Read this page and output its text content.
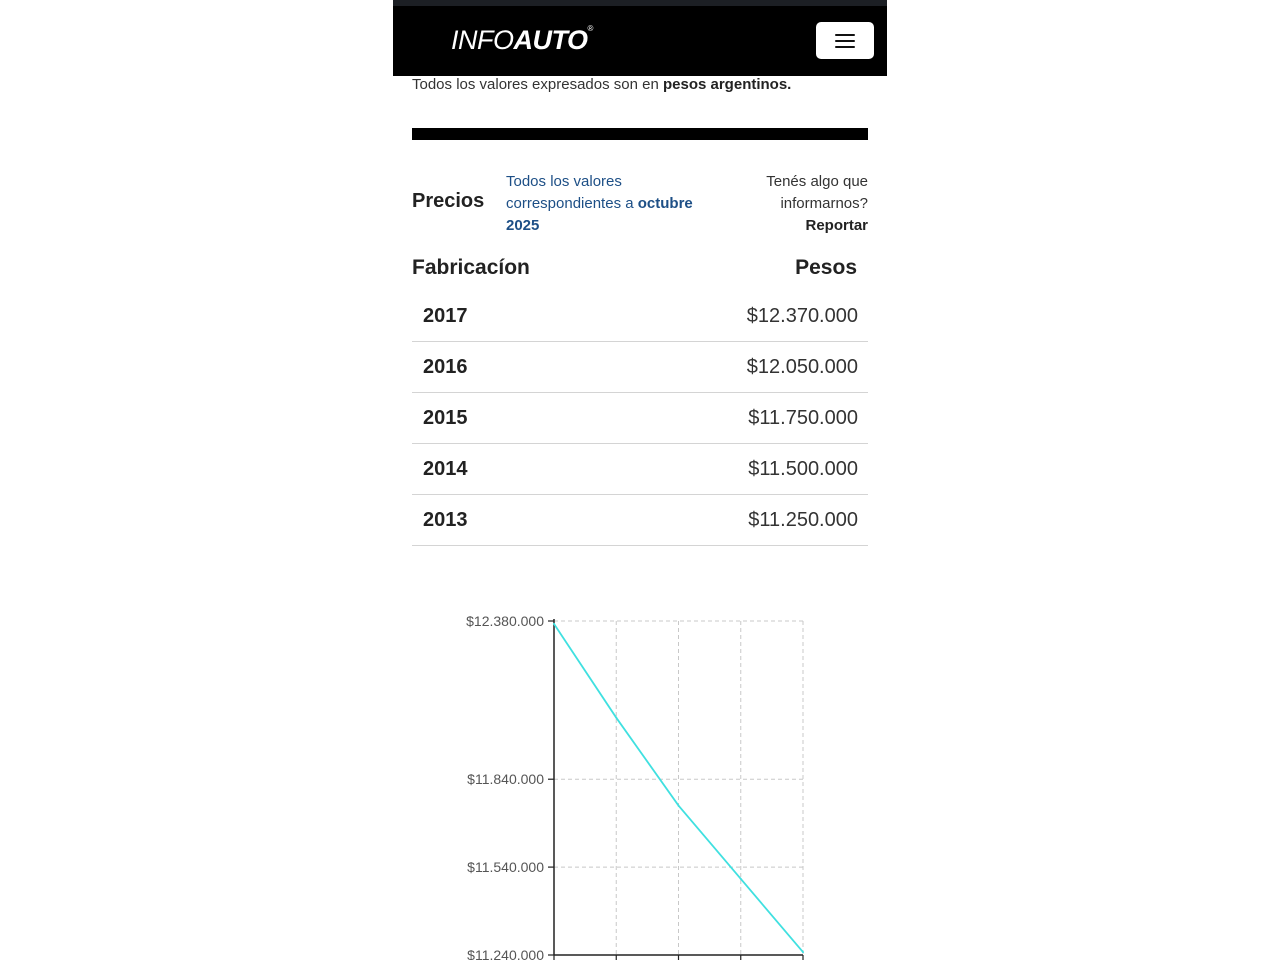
INFOAUTO®
Todos los valores expresados son en pesos argentinos.
Precios
Todos los valores correspondientes a octubre 2025
Tenés algo que informarnos?
Reportar
Fabricacíon	Pesos
2017	$12.370.000
2016	$12.050.000
2015	$11.750.000
2014	$11.500.000
2013	$11.250.000
$12.380.000
$11.840.000
$11.540.000
$11.240.000
